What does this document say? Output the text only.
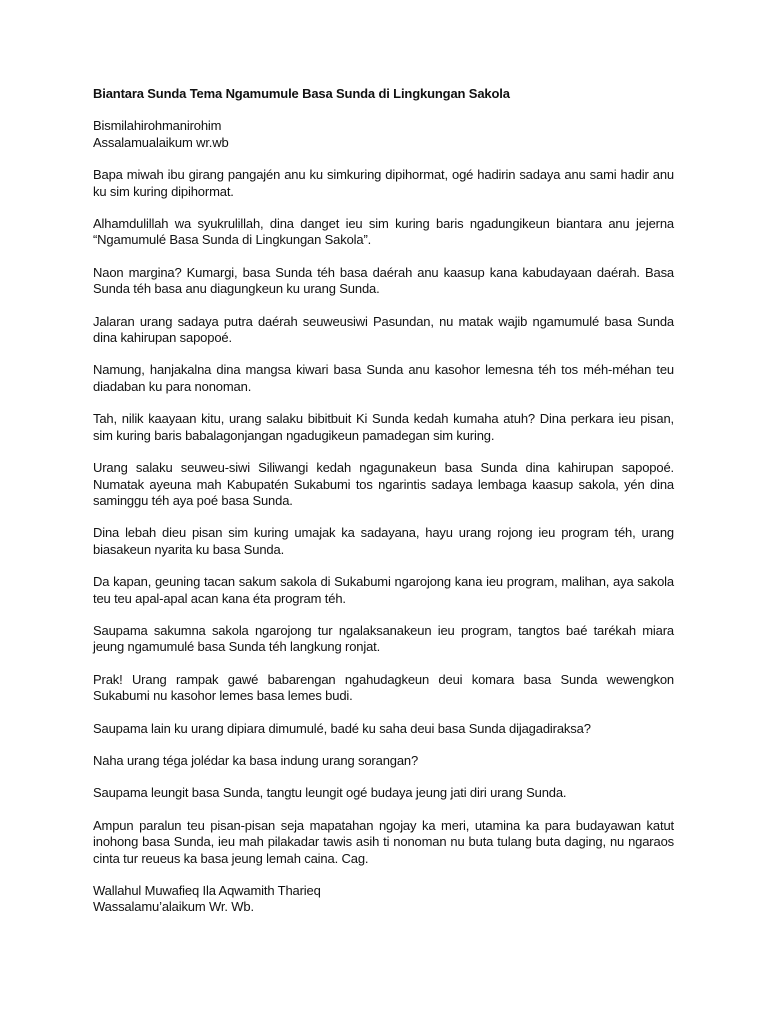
Biantara Sunda Tema Ngamumule Basa Sunda di Lingkungan Sakola
Bismilahirohmanirohim
Assalamualaikum wr.wb
Bapa miwah ibu girang pangajén anu ku simkuring dipihormat, ogé hadirin sadaya anu sami hadir anu ku sim kuring dipihormat.
Alhamdulillah wa syukrulillah, dina danget ieu sim kuring baris ngadungikeun biantara anu jejerna “Ngamumulé Basa Sunda di Lingkungan Sakola”.
Naon margina? Kumargi, basa Sunda téh basa daérah anu kaasup kana kabudayaan daérah. Basa Sunda téh basa anu diagungkeun ku urang Sunda.
Jalaran urang sadaya putra daérah seuweusiwi Pasundan, nu matak wajib ngamumulé basa Sunda dina kahirupan sapopoé.
Namung, hanjakalna dina mangsa kiwari basa Sunda anu kasohor lemesna téh tos méh-méhan teu diadaban ku para nonoman.
Tah, nilik kaayaan kitu, urang salaku bibitbuit Ki Sunda kedah kumaha atuh? Dina perkara ieu pisan, sim kuring baris babalagonjangan ngadugikeun pamadegan sim kuring.
Urang salaku seuweu-siwi Siliwangi kedah ngagunakeun basa Sunda dina kahirupan sapopoé. Numatak ayeuna mah Kabupatén Sukabumi tos ngarintis sadaya lembaga kaasup sakola, yén dina saminggu téh aya poé basa Sunda.
Dina lebah dieu pisan sim kuring umajak ka sadayana, hayu urang rojong ieu program téh, urang biasakeun nyarita ku basa Sunda.
Da kapan, geuning tacan sakum sakola di Sukabumi ngarojong kana ieu program, malihan, aya sakola teu teu apal-apal acan kana éta program téh.
Saupama sakumna sakola ngarojong tur ngalaksanakeun ieu program, tangtos baé tarékah miara jeung ngamumulé basa Sunda téh langkung ronjat.
Prak! Urang rampak gawé babarengan ngahudagkeun deui komara basa Sunda wewengkon Sukabumi nu kasohor lemes basa lemes budi.
Saupama lain ku urang dipiara dimumulé, badé ku saha deui basa Sunda dijagadiraksa?
Naha urang téga jolédar ka basa indung urang sorangan?
Saupama leungit basa Sunda, tangtu leungit ogé budaya jeung jati diri urang Sunda.
Ampun paralun teu pisan-pisan seja mapatahan ngojay ka meri, utamina ka para budayawan katut inohong basa Sunda, ieu mah pilakadar tawis asih ti nonoman nu buta tulang buta daging, nu ngaraos cinta tur reueus ka basa jeung lemah caina. Cag.
Wallahul Muwafieq Ila Aqwamith Tharieq
Wassalamu’alaikum Wr. Wb.
